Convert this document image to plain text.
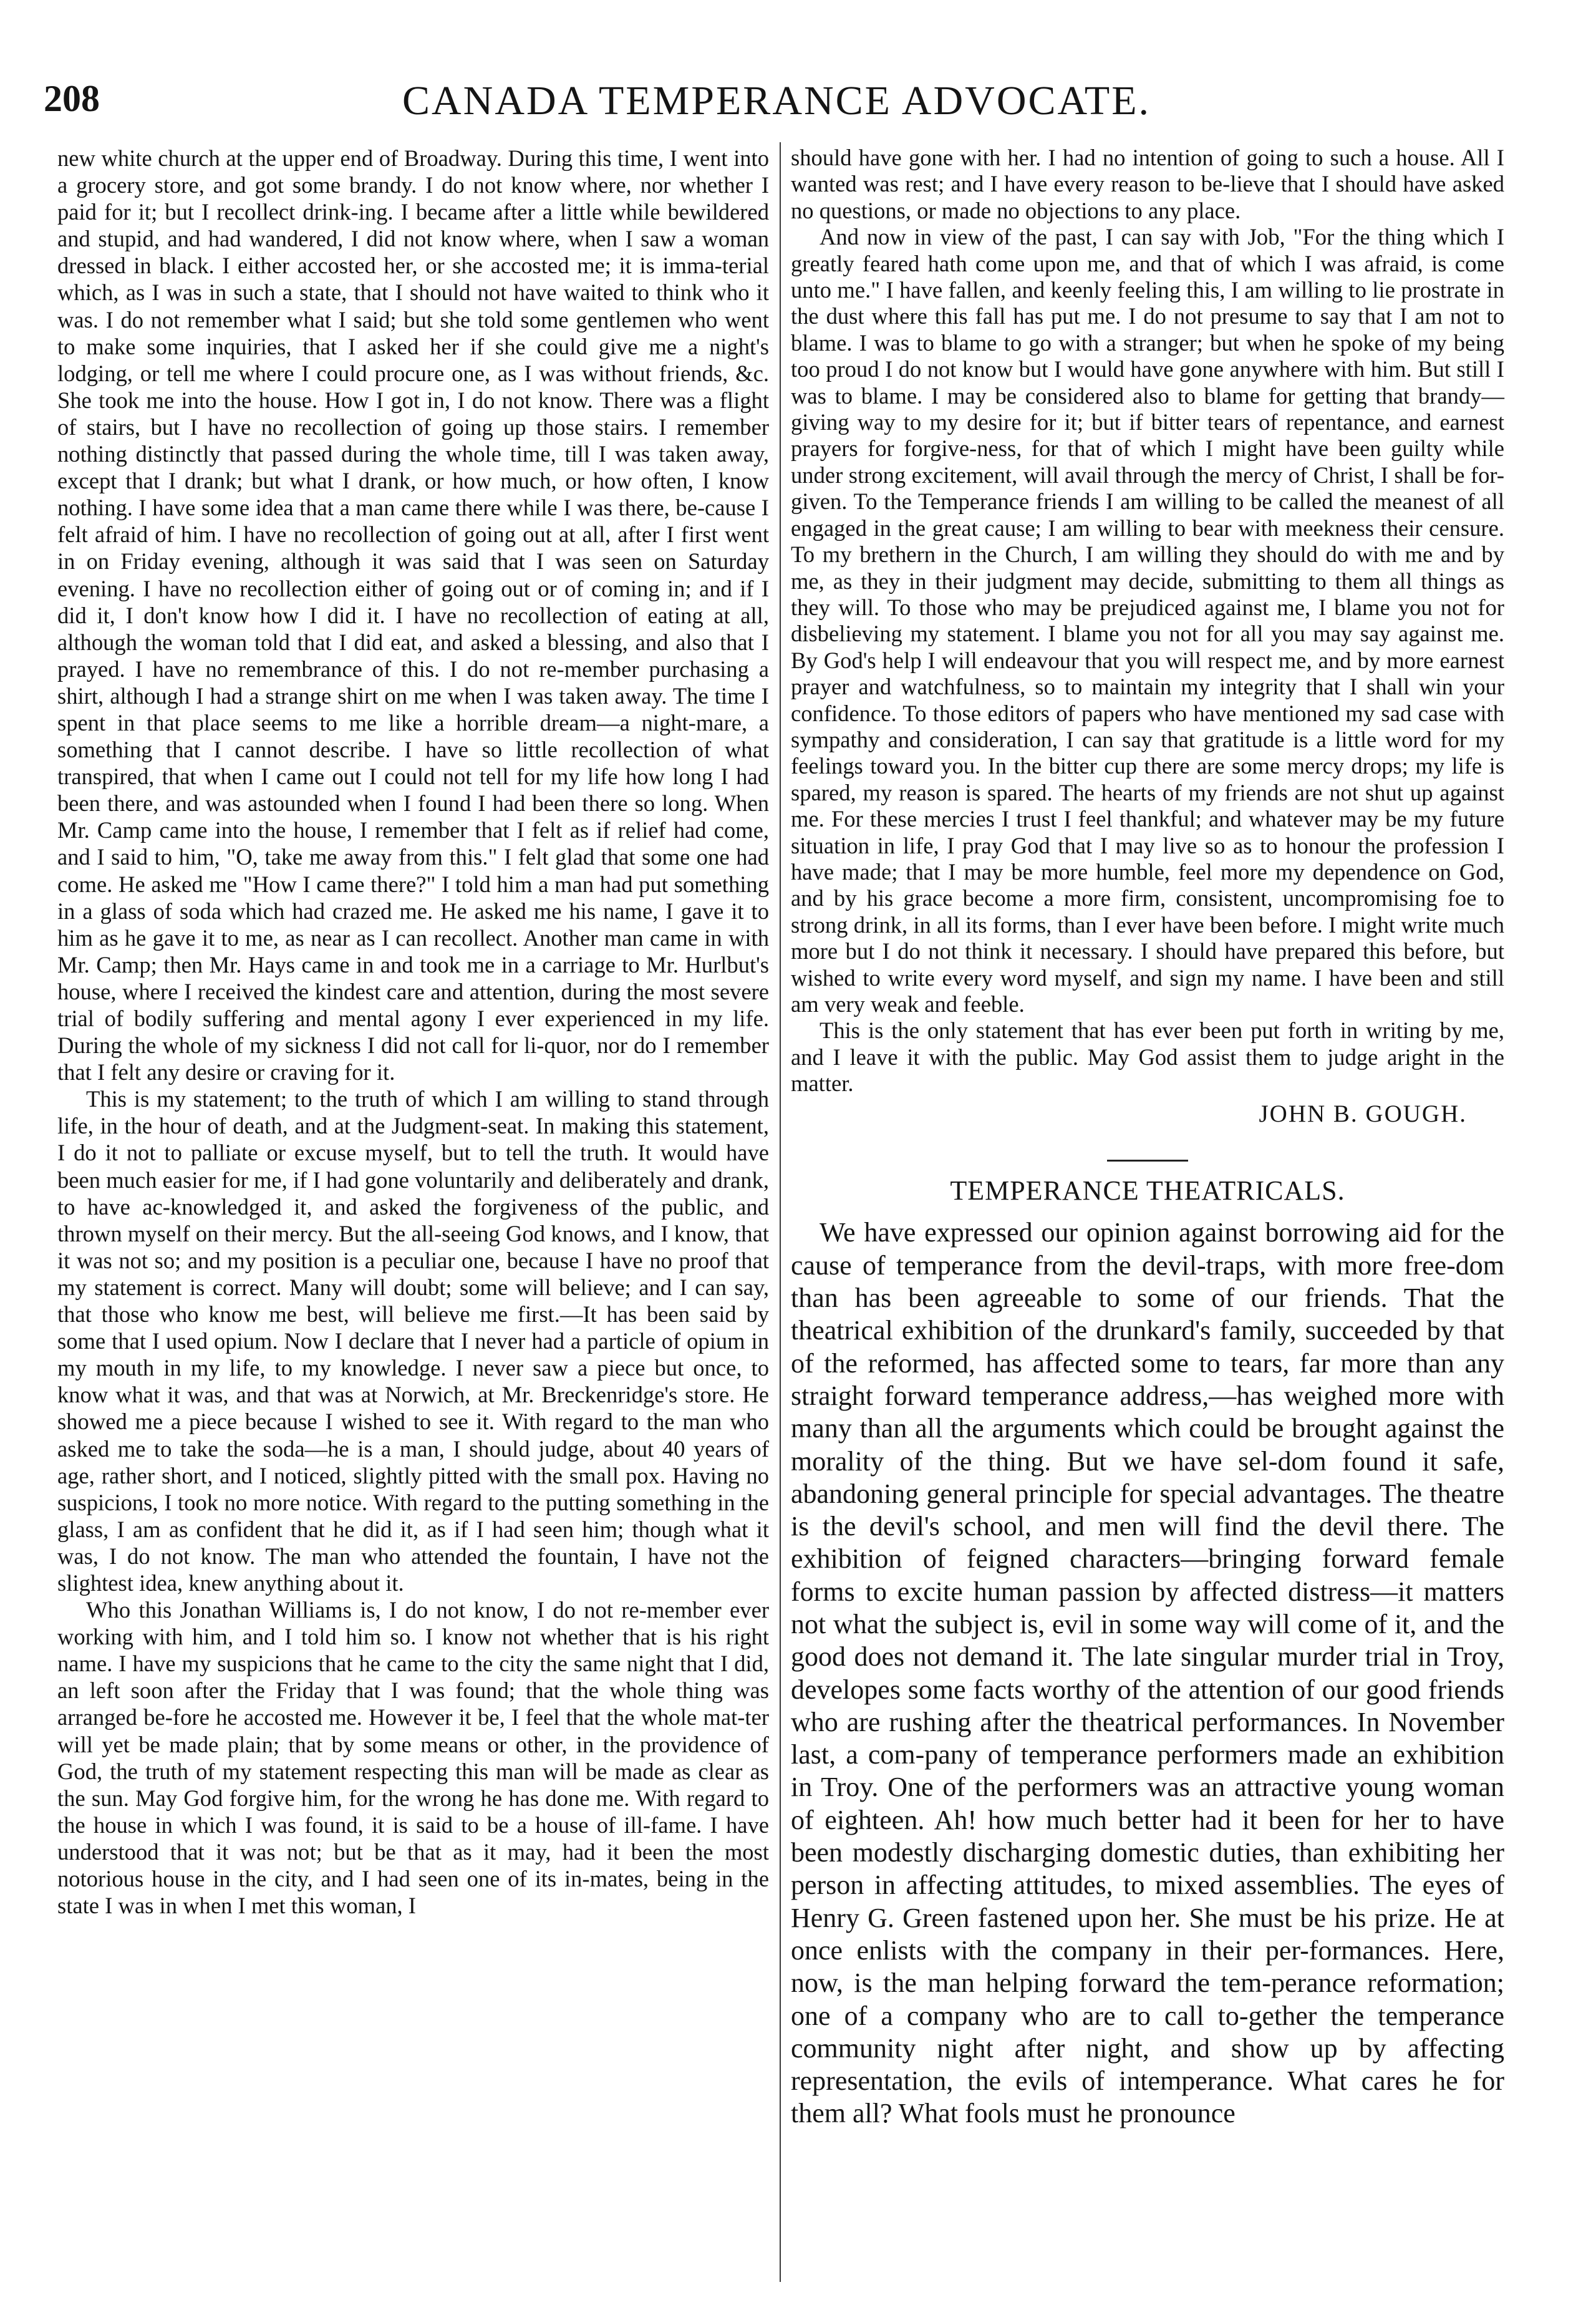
208	CANADA TEMPERANCE ADVOCATE.

new white church at the upper end of Broadway. During this time, I went into a grocery store, and got some brandy. I do not know where, nor whether I paid for it; but I recollect drink-ing. I became after a little while bewildered and stupid, and had wandered, I did not know where, when I saw a woman dressed in black. I either accosted her, or she accosted me; it is imma-terial which, as I was in such a state, that I should not have waited to think who it was. I do not remember what I said; but she told some gentlemen who went to make some inquiries, that I asked her if she could give me a night's lodging, or tell me where I could procure one, as I was without friends, &c. She took me into the house. How I got in, I do not know. There was a flight of stairs, but I have no recollection of going up those stairs. I remember nothing distinctly that passed during the whole time, till I was taken away, except that I drank; but what I drank, or how much, or how often, I know nothing. I have some idea that a man came there while I was there, be-cause I felt afraid of him. I have no recollection of going out at all, after I first went in on Friday evening, although it was said that I was seen on Saturday evening. I have no recollection either of going out or of coming in; and if I did it, I don't know how I did it. I have no recollection of eating at all, although the woman told that I did eat, and asked a blessing, and also that I prayed. I have no remembrance of this. I do not re-member purchasing a shirt, although I had a strange shirt on me when I was taken away. The time I spent in that place seems to me like a horrible dream—a night-mare, a something that I cannot describe. I have so little recollection of what transpired, that when I came out I could not tell for my life how long I had been there, and was astounded when I found I had been there so long. When Mr. Camp came into the house, I remember that I felt as if relief had come, and I said to him, "O, take me away from this." I felt glad that some one had come. He asked me "How I came there?" I told him a man had put something in a glass of soda which had crazed me. He asked me his name, I gave it to him as he gave it to me, as near as I can recollect. Another man came in with Mr. Camp; then Mr. Hays came in and took me in a carriage to Mr. Hurlbut's house, where I received the kindest care and attention, during the most severe trial of bodily suffering and mental agony I ever experienced in my life. During the whole of my sickness I did not call for li-quor, nor do I remember that I felt any desire or craving for it.

This is my statement; to the truth of which I am willing to stand through life, in the hour of death, and at the Judgment-seat. In making this statement, I do it not to palliate or excuse myself, but to tell the truth. It would have been much easier for me, if I had gone voluntarily and deliberately and drank, to have ac-knowledged it, and asked the forgiveness of the public, and thrown myself on their mercy. But the all-seeing God knows, and I know, that it was not so; and my position is a peculiar one, because I have no proof that my statement is correct. Many will doubt; some will believe; and I can say, that those who know me best, will believe me first.—It has been said by some that I used opium. Now I declare that I never had a particle of opium in my mouth in my life, to my knowledge. I never saw a piece but once, to know what it was, and that was at Norwich, at Mr. Breckenridge's store. He showed me a piece because I wished to see it. With regard to the man who asked me to take the soda—he is a man, I should judge, about 40 years of age, rather short, and I noticed, slightly pitted with the small pox. Having no suspicions, I took no more notice. With regard to the putting something in the glass, I am as confident that he did it, as if I had seen him; though what it was, I do not know. The man who attended the fountain, I have not the slightest idea, knew anything about it.

Who this Jonathan Williams is, I do not know, I do not re-member ever working with him, and I told him so. I know not whether that is his right name. I have my suspicions that he came to the city the same night that I did, an left soon after the Friday that I was found; that the whole thing was arranged be-fore he accosted me. However it be, I feel that the whole mat-ter will yet be made plain; that by some means or other, in the providence of God, the truth of my statement respecting this man will be made as clear as the sun. May God forgive him, for the wrong he has done me. With regard to the house in which I was found, it is said to be a house of ill-fame. I have understood that it was not; but be that as it may, had it been the most notorious house in the city, and I had seen one of its in-mates, being in the state I was in when I met this woman, I

should have gone with her. I had no intention of going to such a house. All I wanted was rest; and I have every reason to be-lieve that I should have asked no questions, or made no objections to any place.

And now in view of the past, I can say with Job, "For the thing which I greatly feared hath come upon me, and that of which I was afraid, is come unto me." I have fallen, and keenly feeling this, I am willing to lie prostrate in the dust where this fall has put me. I do not presume to say that I am not to blame. I was to blame to go with a stranger; but when he spoke of my being too proud I do not know but I would have gone anywhere with him. But still I was to blame. I may be considered also to blame for getting that brandy—giving way to my desire for it; but if bitter tears of repentance, and earnest prayers for forgive-ness, for that of which I might have been guilty while under strong excitement, will avail through the mercy of Christ, I shall be for-given. To the Temperance friends I am willing to be called the meanest of all engaged in the great cause; I am willing to bear with meekness their censure. To my brethern in the Church, I am willing they should do with me and by me, as they in their judgment may decide, submitting to them all things as they will. To those who may be prejudiced against me, I blame you not for disbelieving my statement. I blame you not for all you may say against me. By God's help I will endeavour that you will respect me, and by more earnest prayer and watchfulness, so to maintain my integrity that I shall win your confidence. To those editors of papers who have mentioned my sad case with sympathy and consideration, I can say that gratitude is a little word for my feelings toward you. In the bitter cup there are some mercy drops; my life is spared, my reason is spared. The hearts of my friends are not shut up against me. For these mercies I trust I feel thankful; and whatever may be my future situation in life, I pray God that I may live so as to honour the profession I have made; that I may be more humble, feel more my dependence on God, and by his grace become a more firm, consistent, uncompromising foe to strong drink, in all its forms, than I ever have been before. I might write much more but I do not think it necessary. I should have prepared this before, but wished to write every word myself, and sign my name. I have been and still am very weak and feeble.

This is the only statement that has ever been put forth in writing by me, and I leave it with the public. May God assist them to judge aright in the matter.

JOHN B. GOUGH.

TEMPERANCE THEATRICALS.

We have expressed our opinion against borrowing aid for the cause of temperance from the devil-traps, with more free-dom than has been agreeable to some of our friends. That the theatrical exhibition of the drunkard's family, succeeded by that of the reformed, has affected some to tears, far more than any straight forward temperance address,—has weighed more with many than all the arguments which could be brought against the morality of the thing. But we have sel-dom found it safe, abandoning general principle for special advantages. The theatre is the devil's school, and men will find the devil there. The exhibition of feigned characters—bringing forward female forms to excite human passion by affected distress—it matters not what the subject is, evil in some way will come of it, and the good does not demand it. The late singular murder trial in Troy, developes some facts worthy of the attention of our good friends who are rushing after the theatrical performances. In November last, a com-pany of temperance performers made an exhibition in Troy. One of the performers was an attractive young woman of eighteen. Ah! how much better had it been for her to have been modestly discharging domestic duties, than exhibiting her person in affecting attitudes, to mixed assemblies. The eyes of Henry G. Green fastened upon her. She must be his prize. He at once enlists with the company in their per-formances. Here, now, is the man helping forward the tem-perance reformation; one of a company who are to call to-gether the temperance community night after night, and show up by affecting representation, the evils of intemperance. What cares he for them all? What fools must he pronounce
